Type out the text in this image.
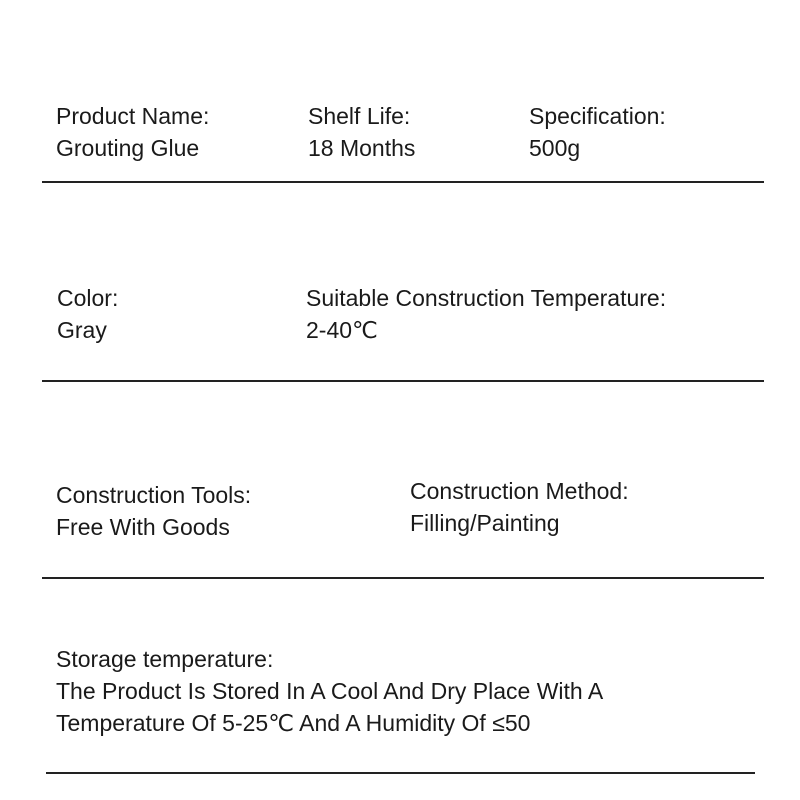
Product Name:
Grouting Glue
Shelf Life:
18 Months
Specification:
500g
Color:
Gray
Suitable Construction Temperature:
2-40℃
Construction Tools:
Free With Goods
Construction Method:
Filling/Painting
Storage temperature:
The Product Is Stored In A Cool And Dry Place With A
Temperature Of 5-25℃ And A Humidity Of ≤50
